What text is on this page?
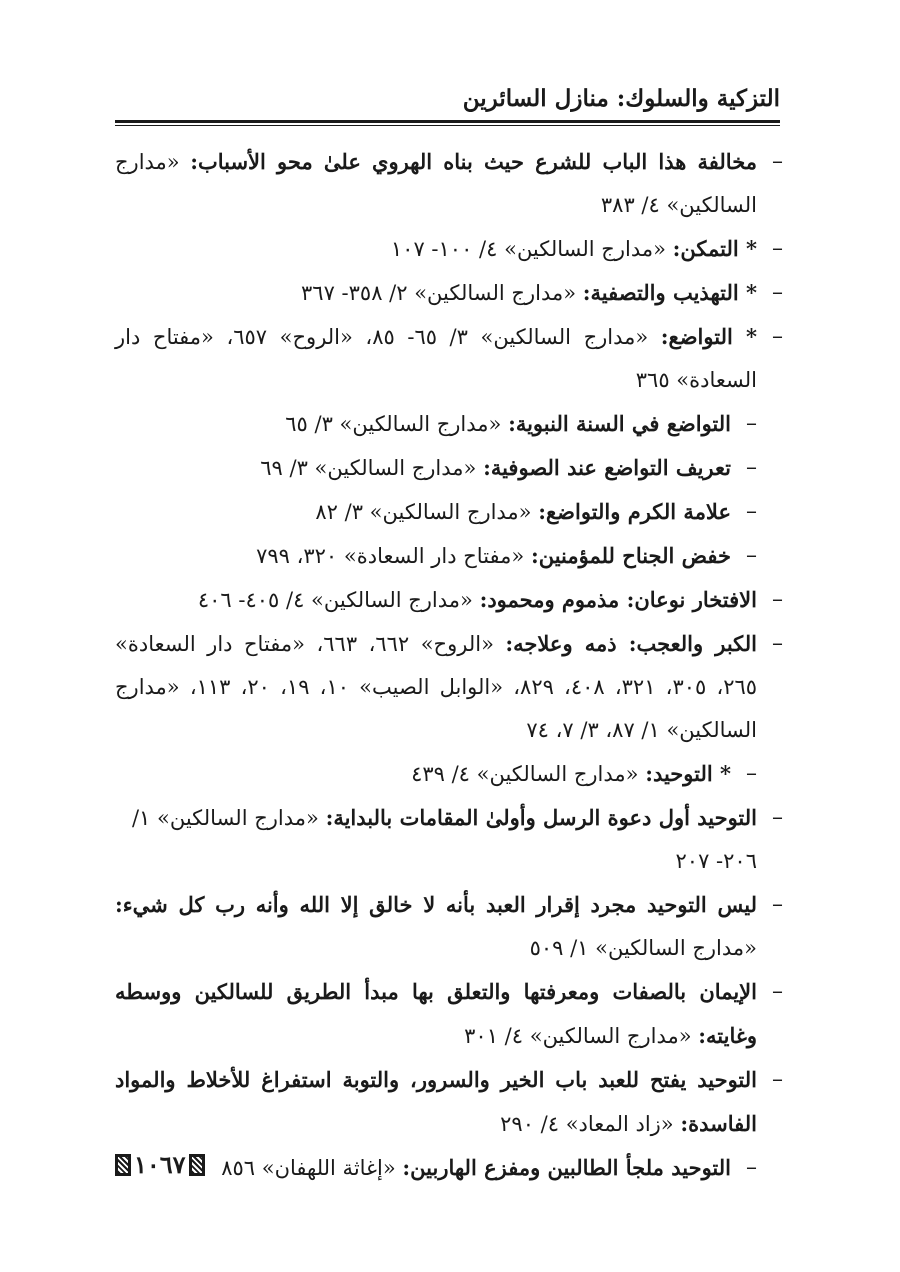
التزكية والسلوك: منازل السائرين
–
مخالفة هذا الباب للشرع حيث بناه الهروي علىٰ محو الأسباب: «مدارج السالكين» ٤/ ٣٨٣
–
* التمكن: «مدارج السالكين» ٤/ ١٠٠- ١٠٧
–
* التهذيب والتصفية: «مدارج السالكين» ٢/ ٣٥٨- ٣٦٧
–
* التواضع: «مدارج السالكين» ٣/ ٦٥- ٨٥، «الروح» ٦٥٧، «مفتاح دار السعادة» ٣٦٥
–
التواضع في السنة النبوية: «مدارج السالكين» ٣/ ٦٥
–
تعريف التواضع عند الصوفية: «مدارج السالكين» ٣/ ٦٩
–
علامة الكرم والتواضع: «مدارج السالكين» ٣/ ٨٢
–
خفض الجناح للمؤمنين: «مفتاح دار السعادة» ٣٢٠، ٧٩٩
–
الافتخار نوعان: مذموم ومحمود: «مدارج السالكين» ٤/ ٤٠٥- ٤٠٦
–
الكبر والعجب: ذمه وعلاجه: «الروح» ٦٦٢، ٦٦٣، «مفتاح دار السعادة» ٢٦٥، ٣٠٥، ٣٢١، ٤٠٨، ٨٢٩، «الوابل الصيب» ١٠، ١٩، ٢٠، ١١٣، «مدارج السالكين» ١/ ٨٧، ٣/ ٧، ٧٤
–
* التوحيد: «مدارج السالكين» ٤/ ٤٣٩
–
التوحيد أول دعوة الرسل وأولىٰ المقامات بالبداية: «مدارج السالكين» ١/ ٢٠٦- ٢٠٧
–
ليس التوحيد مجرد إقرار العبد بأنه لا خالق إلا الله وأنه رب كل شيء: «مدارج السالكين» ١/ ٥٠٩
–
الإيمان بالصفات ومعرفتها والتعلق بها مبدأ الطريق للسالكين ووسطه وغايته: «مدارج السالكين» ٤/ ٣٠١
–
التوحيد يفتح للعبد باب الخير والسرور، والتوبة استفراغ للأخلاط والمواد الفاسدة: «زاد المعاد» ٤/ ٢٩٠
–
التوحيد ملجأ الطالبين ومفزع الهاربين: «إغاثة اللهفان» ٨٥٦
١٠٦٧
